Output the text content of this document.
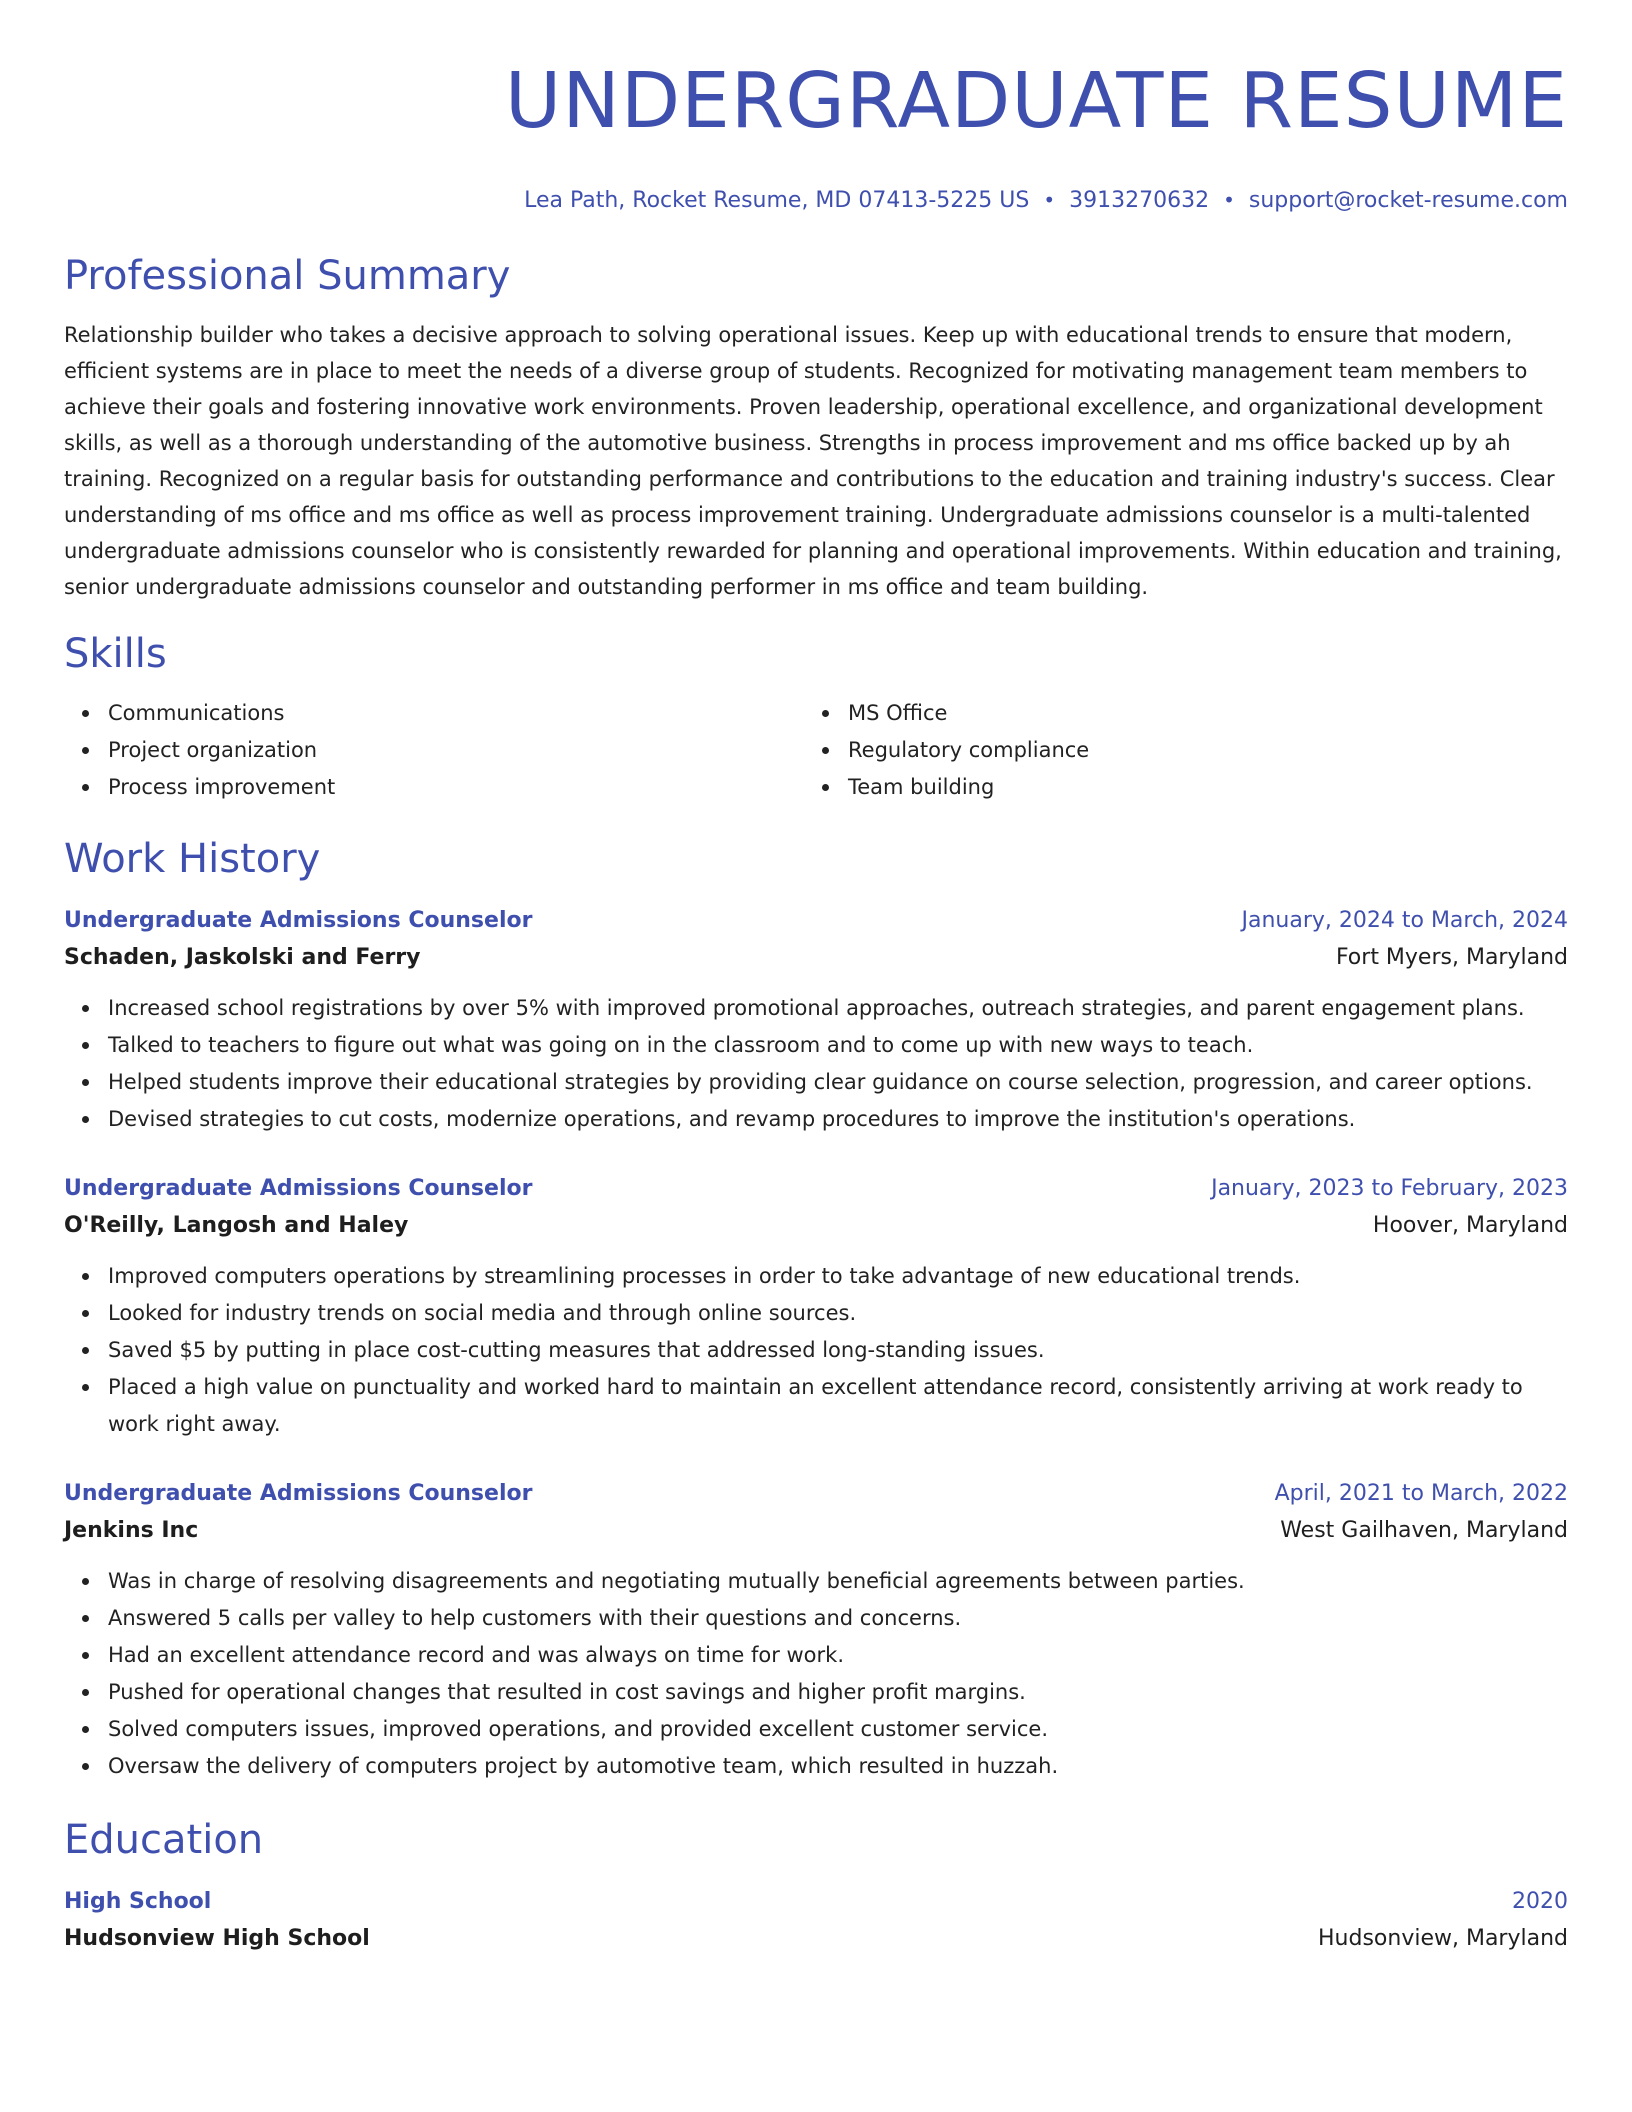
UNDERGRADUATE RESUME
Lea Path, Rocket Resume, MD 07413-5225 US • 3913270632 • support@rocket-resume.com
Professional Summary

Relationship builder who takes a decisive approach to solving operational issues. Keep up with educational trends to ensure that modern, efficient systems are in place to meet the needs of a diverse group of students. Recognized for motivating management team members to achieve their goals and fostering innovative work environments. Proven leadership, operational excellence, and organizational development skills, as well as a thorough understanding of the automotive business. Strengths in process improvement and ms office backed up by ah training. Recognized on a regular basis for outstanding performance and contributions to the education and training industry's success. Clear understanding of ms office and ms office as well as process improvement training. Undergraduate admissions counselor is a multi-talented undergraduate admissions counselor who is consistently rewarded for planning and operational improvements. Within education and training, senior undergraduate admissions counselor and outstanding performer in ms office and team building.

Skills
Communications
Project organization
Process improvement
MS Office
Regulatory compliance
Team building
Work History
Undergraduate Admissions Counselor	January, 2024 to March, 2024
Schaden, Jaskolski and Ferry	Fort Myers, Maryland
Increased school registrations by over 5% with improved promotional approaches, outreach strategies, and parent engagement plans.
Talked to teachers to figure out what was going on in the classroom and to come up with new ways to teach.
Helped students improve their educational strategies by providing clear guidance on course selection, progression, and career options.
Devised strategies to cut costs, modernize operations, and revamp procedures to improve the institution's operations.
Undergraduate Admissions Counselor	January, 2023 to February, 2023
O'Reilly, Langosh and Haley	Hoover, Maryland
Improved computers operations by streamlining processes in order to take advantage of new educational trends.
Looked for industry trends on social media and through online sources.
Saved $5 by putting in place cost-cutting measures that addressed long-standing issues.
Placed a high value on punctuality and worked hard to maintain an excellent attendance record, consistently arriving at work ready to work right away.
Undergraduate Admissions Counselor	April, 2021 to March, 2022
Jenkins Inc	West Gailhaven, Maryland
Was in charge of resolving disagreements and negotiating mutually beneficial agreements between parties.
Answered 5 calls per valley to help customers with their questions and concerns.
Had an excellent attendance record and was always on time for work.
Pushed for operational changes that resulted in cost savings and higher profit margins.
Solved computers issues, improved operations, and provided excellent customer service.
Oversaw the delivery of computers project by automotive team, which resulted in huzzah.
Education
High School	2020
Hudsonview High School	Hudsonview, Maryland
